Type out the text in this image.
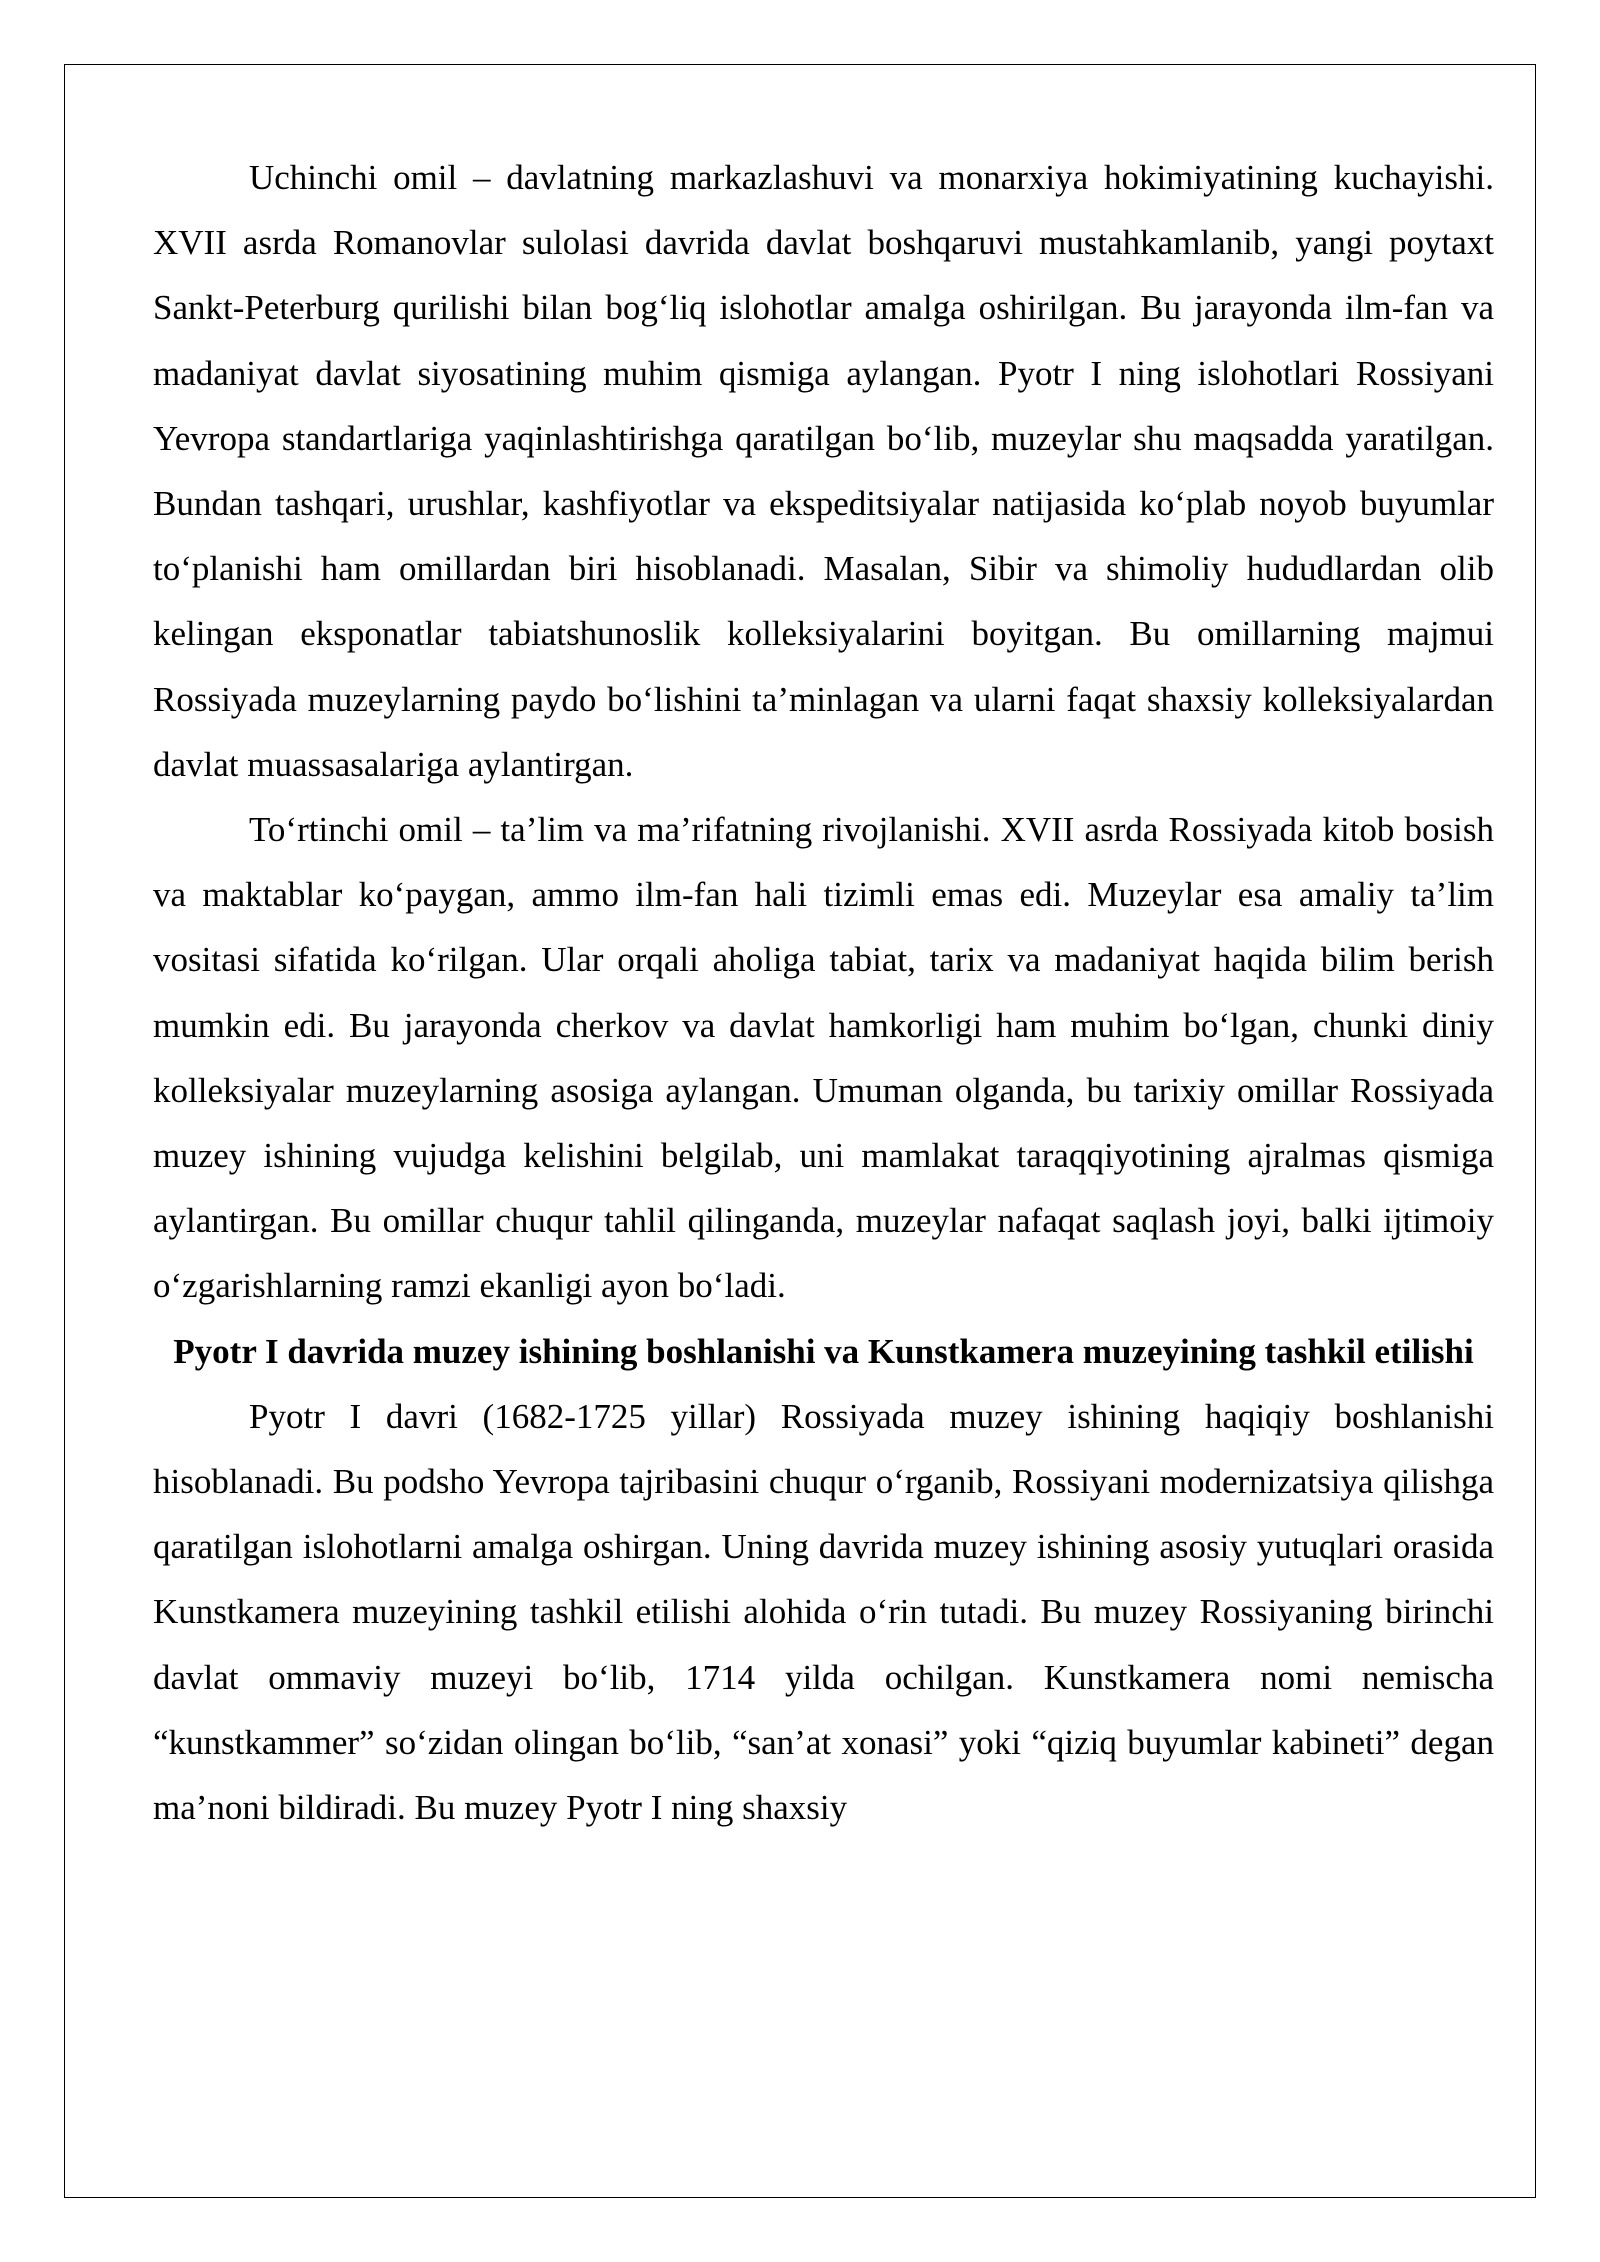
Uchinchi omil – davlatning markazlashuvi va monarxiya hokimiyatining kuchayishi. XVII asrda Romanovlar sulolasi davrida davlat boshqaruvi mustahkamlanib, yangi poytaxt Sankt-Peterburg qurilishi bilan bog‘liq islohotlar amalga oshirilgan. Bu jarayonda ilm-fan va madaniyat davlat siyosatining muhim qismiga aylangan. Pyotr I ning islohotlari Rossiyani Yevropa standartlariga yaqinlashtirishga qaratilgan bo‘lib, muzeylar shu maqsadda yaratilgan. Bundan tashqari, urushlar, kashfiyotlar va ekspeditsiyalar natijasida ko‘plab noyob buyumlar to‘planishi ham omillardan biri hisoblanadi. Masalan, Sibir va shimoliy hududlardan olib kelingan eksponatlar tabiatshunoslik kolleksiyalarini boyitgan. Bu omillarning majmui Rossiyada muzeylarning paydo bo‘lishini ta’minlagan va ularni faqat shaxsiy kolleksiyalardan davlat muassasalariga aylantirgan.

To‘rtinchi omil – ta’lim va ma’rifatning rivojlanishi. XVII asrda Rossiyada kitob bosish va maktablar ko‘paygan, ammo ilm-fan hali tizimli emas edi. Muzeylar esa amaliy ta’lim vositasi sifatida ko‘rilgan. Ular orqali aholiga tabiat, tarix va madaniyat haqida bilim berish mumkin edi. Bu jarayonda cherkov va davlat hamkorligi ham muhim bo‘lgan, chunki diniy kolleksiyalar muzeylarning asosiga aylangan. Umuman olganda, bu tarixiy omillar Rossiyada muzey ishining vujudga kelishini belgilab, uni mamlakat taraqqiyotining ajralmas qismiga aylantirgan. Bu omillar chuqur tahlil qilinganda, muzeylar nafaqat saqlash joyi, balki ijtimoiy o‘zgarishlarning ramzi ekanligi ayon bo‘ladi.

Pyotr I davrida muzey ishining boshlanishi va Kunstkamera muzeyining tashkil etilishi

Pyotr I davri (1682-1725 yillar) Rossiyada muzey ishining haqiqiy boshlanishi hisoblanadi. Bu podsho Yevropa tajribasini chuqur o‘rganib, Rossiyani modernizatsiya qilishga qaratilgan islohotlarni amalga oshirgan. Uning davrida muzey ishining asosiy yutuqlari orasida Kunstkamera muzeyining tashkil etilishi alohida o‘rin tutadi. Bu muzey Rossiyaning birinchi davlat ommaviy muzeyi bo‘lib, 1714 yilda ochilgan. Kunstkamera nomi nemischa “kunstkammer” so‘zidan olingan bo‘lib, “san’at xonasi” yoki “qiziq buyumlar kabineti” degan ma’noni bildiradi. Bu muzey Pyotr I ning shaxsiy
